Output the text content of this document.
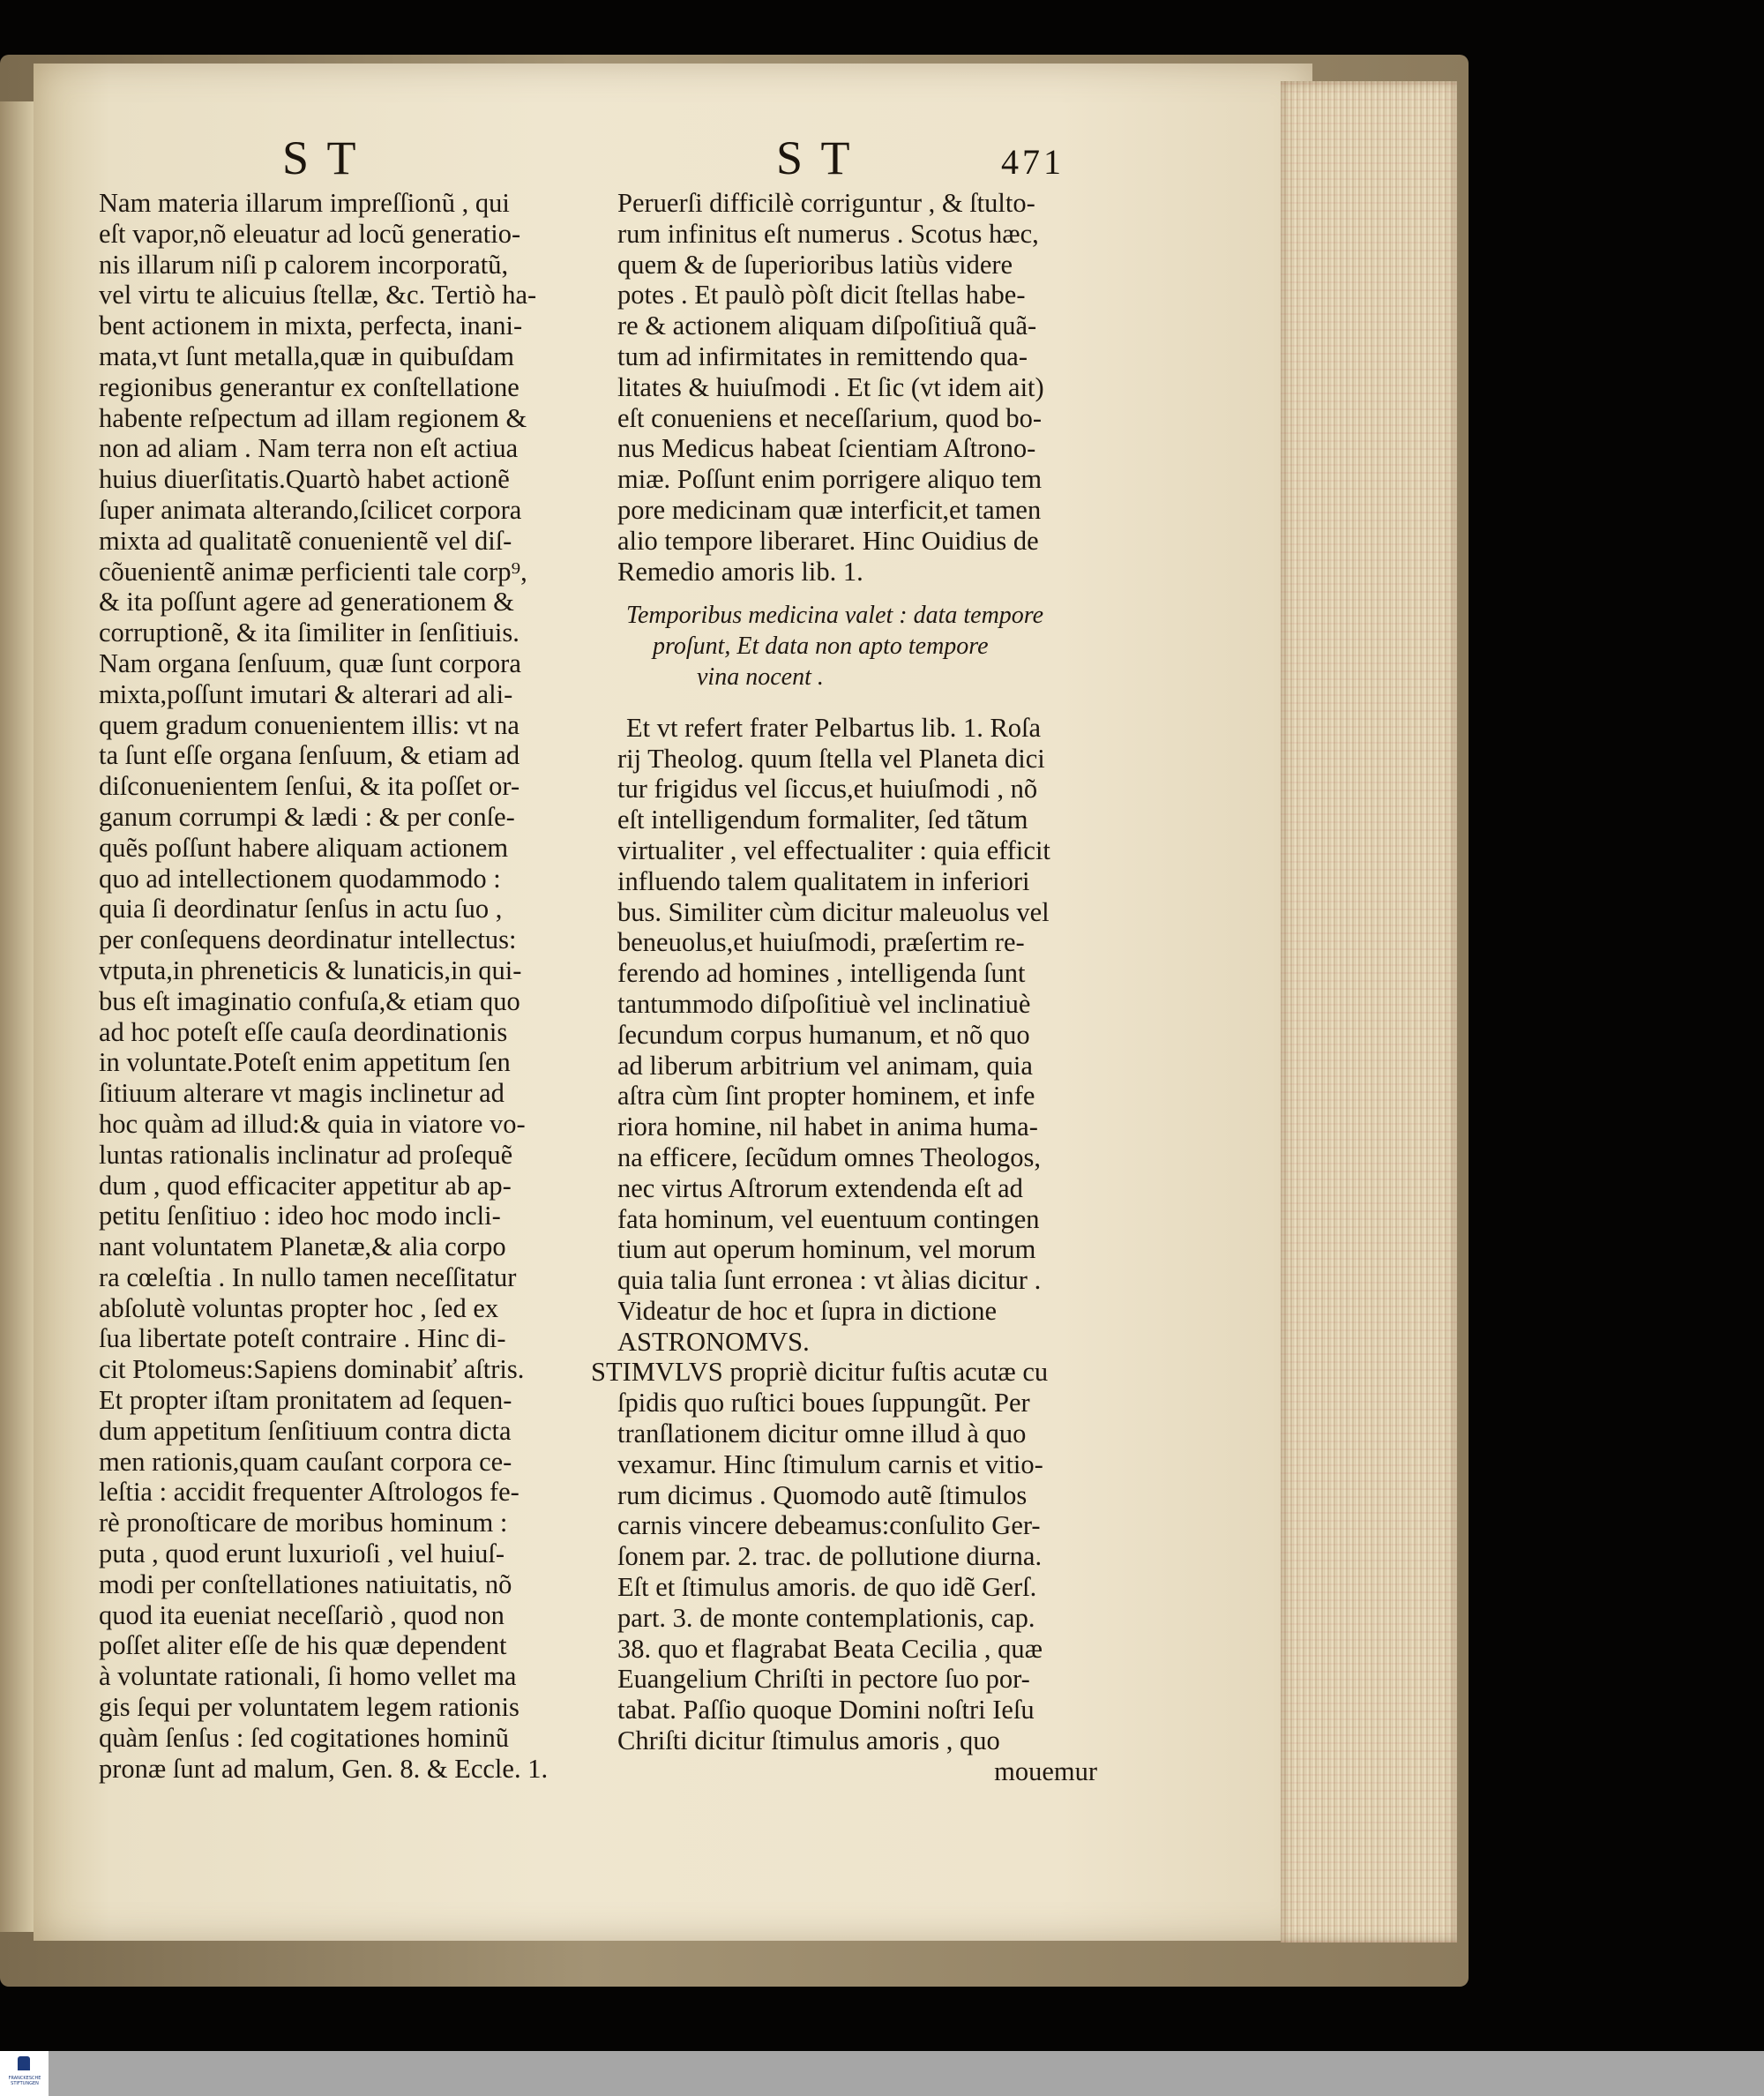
S T	S T	471
Nam materia illarum impreſſionũ , qui
eſt vapor,nõ eleuatur ad locũ generatio-
nis illarum niſi p calorem incorporatũ,
vel virtu te alicuius ſtellæ, &c. Tertiò ha-
bent actionem in mixta, perfecta, inani-
mata,vt ſunt metalla,quæ in quibuſdam
regionibus generantur ex conſtellatione
habente reſpectum ad illam regionem &
non ad aliam . Nam terra non eſt actiua
huius diuerſitatis.Quartò habet actionẽ
ſuper animata alterando,ſcilicet corpora
mixta ad qualitatẽ conuenientẽ vel diſ-
cõuenientẽ animæ perficienti tale corp⁹,
& ita poſſunt agere ad generationem &
corruptionẽ, & ita ſimiliter in ſenſitiuis.
Nam organa ſenſuum, quæ ſunt corpora
mixta,poſſunt imutari & alterari ad ali-
quem gradum conuenientem illis: vt na
ta ſunt eſſe organa ſenſuum, & etiam ad
diſconuenientem ſenſui, & ita poſſet or-
ganum corrumpi & lædi : & per conſe-
quẽs poſſunt habere aliquam actionem
quo ad intellectionem quodammodo :
quia ſi deordinatur ſenſus in actu ſuo ,
per conſequens deordinatur intellectus:
vtputa,in phreneticis & lunaticis,in qui-
bus eſt imaginatio confuſa,& etiam quo
ad hoc poteſt eſſe cauſa deordinationis
in voluntate.Poteſt enim appetitum ſen
ſitiuum alterare vt magis inclinetur ad
hoc quàm ad illud:& quia in viatore vo-
luntas rationalis inclinatur ad proſequẽ
dum , quod efficaciter appetitur ab ap-
petitu ſenſitiuo : ideo hoc modo incli-
nant voluntatem Planetæ,& alia corpo
ra cœleſtia . In nullo tamen neceſſitatur
abſolutè voluntas propter hoc , ſed ex
ſua libertate poteſt contraire . Hinc di-
cit Ptolomeus:Sapiens dominabiť aſtris.
Et propter iſtam pronitatem ad ſequen-
dum appetitum ſenſitiuum contra dicta
men rationis,quam cauſant corpora ce-
leſtia : accidit frequenter Aſtrologos fe-
rè pronoſticare de moribus hominum :
puta , quod erunt luxurioſi , vel huiuſ-
modi per conſtellationes natiuitatis, nõ
quod ita eueniat neceſſariò , quod non
poſſet aliter eſſe de his quæ dependent
à voluntate rationali, ſi homo vellet ma
gis ſequi per voluntatem legem rationis
quàm ſenſus : ſed cogitationes hominũ
pronæ ſunt ad malum, Gen. 8. & Eccle. 1.
Peruerſi difficilè corriguntur , & ſtulto-
rum infinitus eſt numerus . Scotus hæc,
quem & de ſuperioribus latiùs videre
potes . Et paulò pòſt dicit ſtellas habe-
re & actionem aliquam diſpoſitiuã quã-
tum ad infirmitates in remittendo qua-
litates & huiuſmodi . Et ſic (vt idem ait)
eſt conueniens et neceſſarium, quod bo-
nus Medicus habeat ſcientiam Aſtrono-
miæ. Poſſunt enim porrigere aliquo tem
pore medicinam quæ interficit,et tamen
alio tempore liberaret. Hinc Ouidius de
Remedio amoris lib. 1.
Temporibus medicina valet : data tempore
proſunt, Et data non apto tempore
vina nocent .
Et vt refert frater Pelbartus lib. 1. Roſa
rij Theolog. quum ſtella vel Planeta dici
tur frigidus vel ſiccus,et huiuſmodi , nõ
eſt intelligendum formaliter, ſed tãtum
virtualiter , vel effectualiter : quia efficit
influendo talem qualitatem in inferiori
bus. Similiter cùm dicitur maleuolus vel
beneuolus,et huiuſmodi, præſertim re-
ferendo ad homines , intelligenda ſunt
tantummodo diſpoſitiuè vel inclinatiuè
ſecundum corpus humanum, et nõ quo
ad liberum arbitrium vel animam, quia
aſtra cùm ſint propter hominem, et infe
riora homine, nil habet in anima huma-
na efficere, ſecũdum omnes Theologos,
nec virtus Aſtrorum extendenda eſt ad
fata hominum, vel euentuum contingen
tium aut operum hominum, vel morum
quia talia ſunt erronea : vt àlias dicitur .
Videatur de hoc et ſupra in dictione
ASTRONOMVS.
STIMVLVS propriè dicitur fuſtis acutæ cu
ſpidis quo ruſtici boues ſuppungũt. Per
tranſlationem dicitur omne illud à quo
vexamur. Hinc ſtimulum carnis et vitio-
rum dicimus . Quomodo autẽ ſtimulos
carnis vincere debeamus:conſulito Ger-
ſonem par. 2. trac. de pollutione diurna.
Eſt et ſtimulus amoris. de quo idẽ Gerſ.
part. 3. de monte contemplationis, cap.
38. quo et flagrabat Beata Cecilia , quæ
Euangelium Chriſti in pectore ſuo por-
tabat. Paſſio quoque Domini noſtri Ieſu
Chriſti dicitur ſtimulus amoris , quo
mouemur
FRANCKESCHE STIFTUNGEN
